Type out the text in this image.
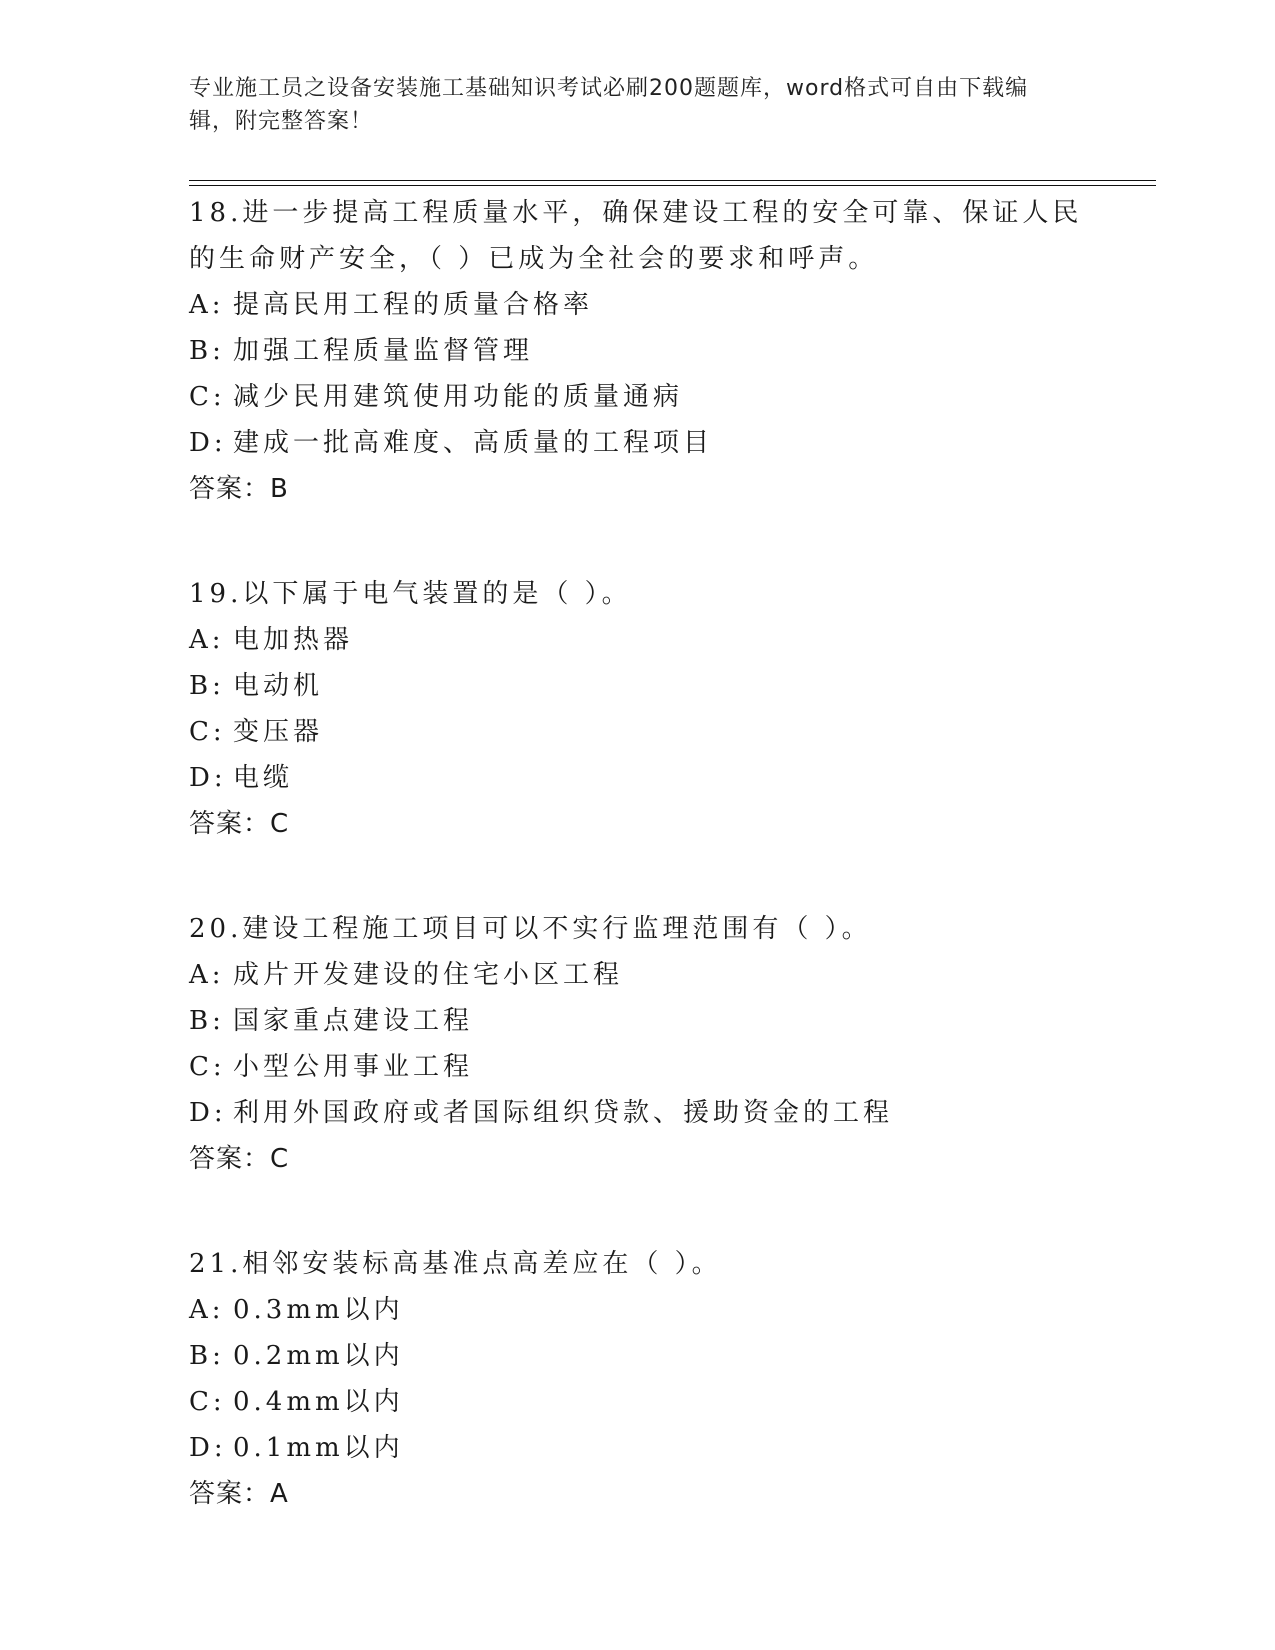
专业施工员之设备安装施工基础知识考试必刷200题题库，word格式可自由下载编辑，附完整答案！
18.进一步提高工程质量水平，确保建设工程的安全可靠、保证人民的生命财产安全，（ ）已成为全社会的要求和呼声。
A: 提高民用工程的质量合格率
B: 加强工程质量监督管理
C: 减少民用建筑使用功能的质量通病
D: 建成一批高难度、高质量的工程项目
答案：B
19.以下属于电气装置的是（ ）。
A: 电加热器
B: 电动机
C: 变压器
D: 电缆
答案：C
20.建设工程施工项目可以不实行监理范围有（ ）。
A: 成片开发建设的住宅小区工程
B: 国家重点建设工程
C: 小型公用事业工程
D: 利用外国政府或者国际组织贷款、援助资金的工程
答案：C
21.相邻安装标高基准点高差应在（ ）。
A: 0.3mm以内
B: 0.2mm以内
C: 0.4mm以内
D: 0.1mm以内
答案：A
